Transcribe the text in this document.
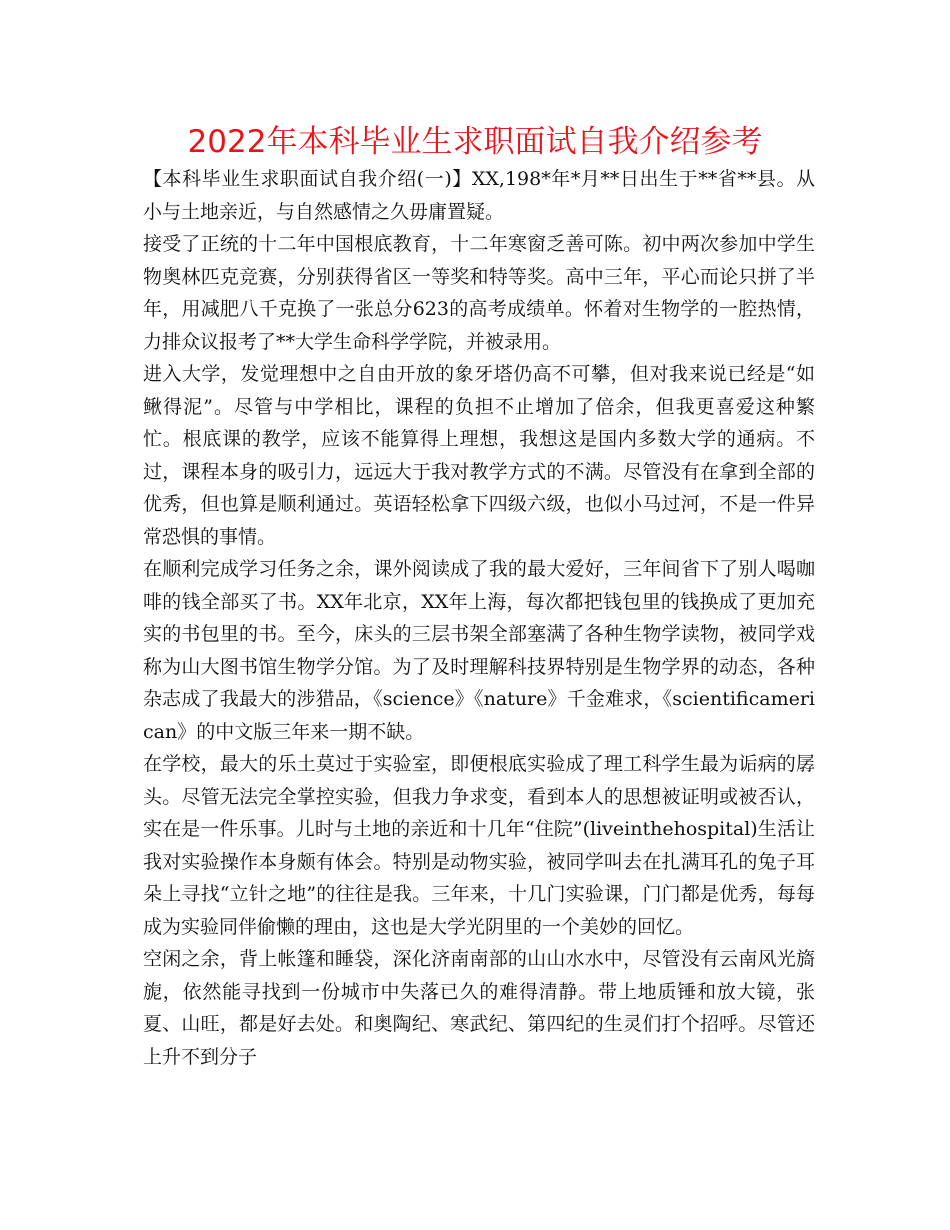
2022年本科毕业生求职面试自我介绍参考

【本科毕业生求职面试自我介绍(一)】XX,198*年*月**日出生于**省**县。从小与土地亲近，与自然感情之久毋庸置疑。

接受了正统的十二年中国根底教育，十二年寒窗乏善可陈。初中两次参加中学生物奥林匹克竞赛，分别获得省区一等奖和特等奖。高中三年，平心而论只拼了半年，用减肥八千克换了一张总分623的高考成绩单。怀着对生物学的一腔热情，力排众议报考了**大学生命科学学院，并被录用。

进入大学，发觉理想中之自由开放的象牙塔仍高不可攀，但对我来说已经是“如鳅得泥”。尽管与中学相比，课程的负担不止增加了倍余，但我更喜爱这种繁忙。根底课的教学，应该不能算得上理想，我想这是国内多数大学的通病。不过，课程本身的吸引力，远远大于我对教学方式的不满。尽管没有在拿到全部的优秀，但也算是顺利通过。英语轻松拿下四级六级，也似小马过河，不是一件异常恐惧的事情。

在顺利完成学习任务之余，课外阅读成了我的最大爱好，三年间省下了别人喝咖啡的钱全部买了书。XX年北京，XX年上海，每次都把钱包里的钱换成了更加充实的书包里的书。至今，床头的三层书架全部塞满了各种生物学读物，被同学戏称为山大图书馆生物学分馆。为了及时理解科技界特别是生物学界的动态，各种杂志成了我最大的涉猎品，《science》《nature》千金难求，《scientificamerican》的中文版三年来一期不缺。

在学校，最大的乐土莫过于实验室，即便根底实验成了理工科学生最为诟病的孱头。尽管无法完全掌控实验，但我力争求变，看到本人的思想被证明或被否认，实在是一件乐事。儿时与土地的亲近和十几年“住院”(liveinthehospital)生活让我对实验操作本身颇有体会。特别是动物实验，被同学叫去在扎满耳孔的兔子耳朵上寻找“立针之地”的往往是我。三年来，十几门实验课，门门都是优秀，每每成为实验同伴偷懒的理由，这也是大学光阴里的一个美妙的回忆。

空闲之余，背上帐篷和睡袋，深化济南南部的山山水水中，尽管没有云南风光旖旎，依然能寻找到一份城市中失落已久的难得清静。带上地质锤和放大镜，张夏、山旺，都是好去处。和奥陶纪、寒武纪、第四纪的生灵们打个招呼。尽管还上升不到分子
